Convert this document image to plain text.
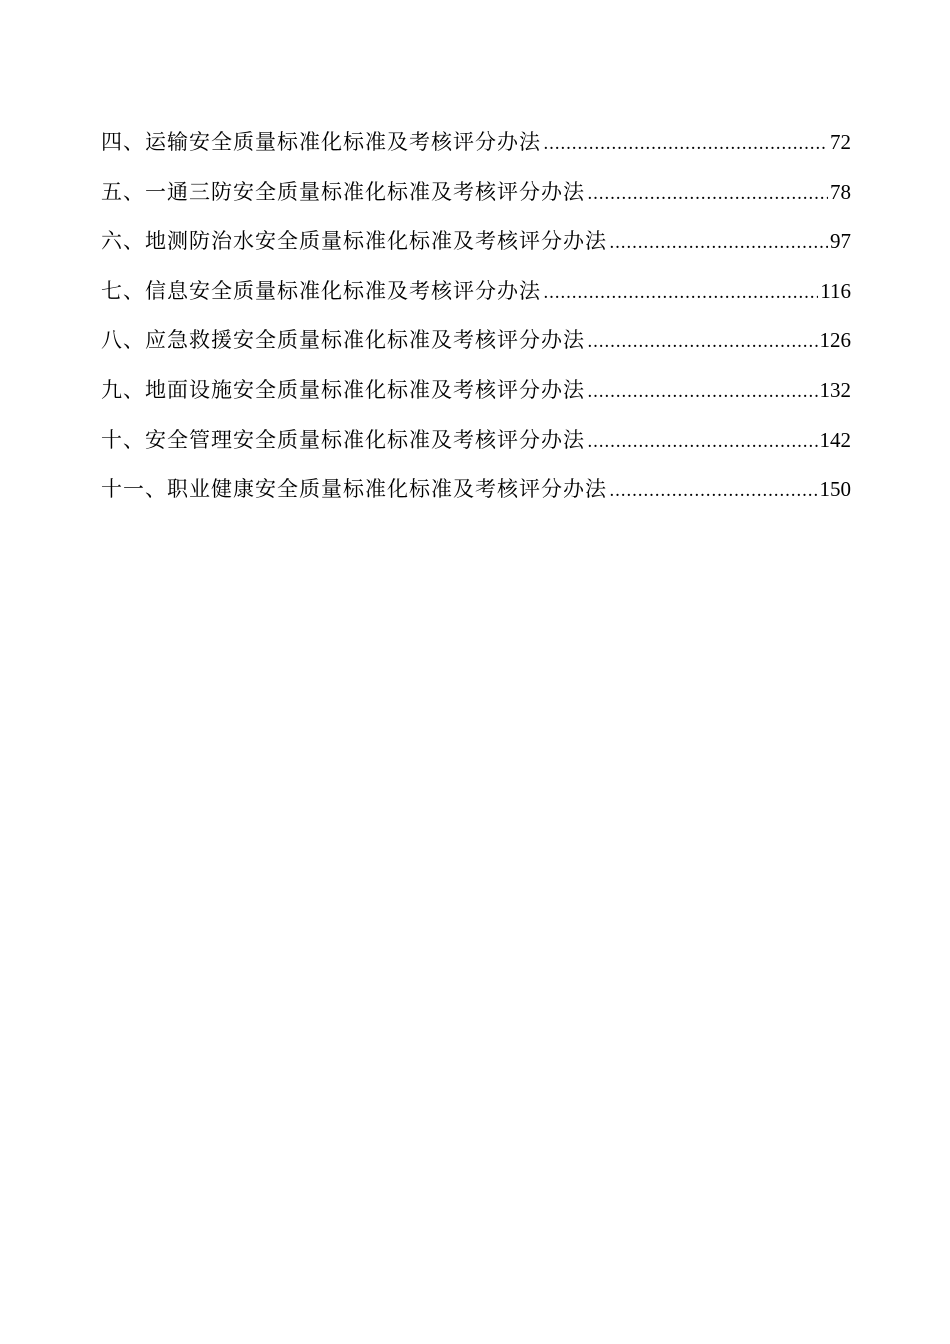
四、运输安全质量标准化标准及考核评分办法 …………………………………………………………………………………………………………	72
五、一通三防安全质量标准化标准及考核评分办法 …………………………………………………………………………………………………………	78
六、地测防治水安全质量标准化标准及考核评分办法 …………………………………………………………………………………………………………	97
七、信息安全质量标准化标准及考核评分办法 …………………………………………………………………………………………………………	116
八、应急救援安全质量标准化标准及考核评分办法 …………………………………………………………………………………………………………	126
九、地面设施安全质量标准化标准及考核评分办法 …………………………………………………………………………………………………………	132
十、安全管理安全质量标准化标准及考核评分办法 …………………………………………………………………………………………………………	142
十一、职业健康安全质量标准化标准及考核评分办法 …………………………………………………………………………………………………………	150
